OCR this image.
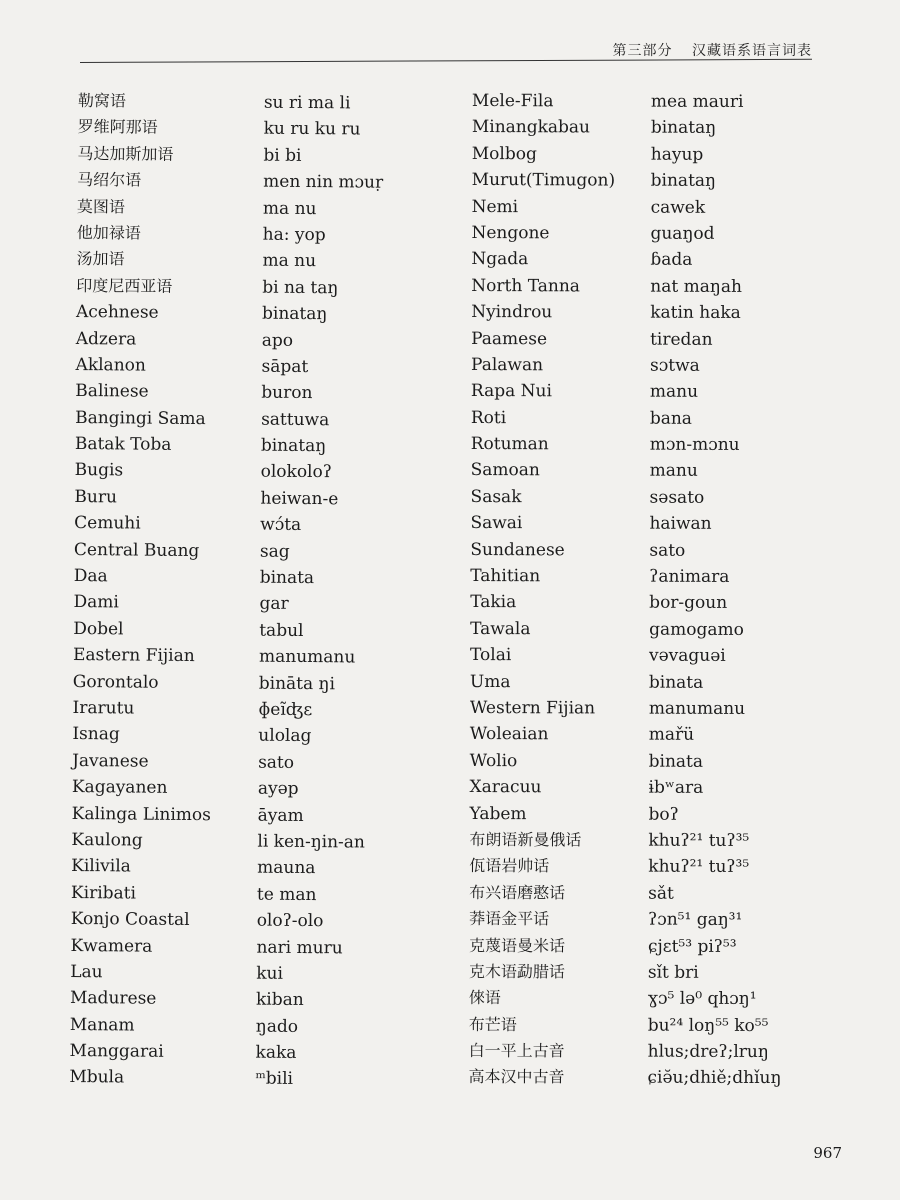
第三部分 汉藏语系语言词表
勒窝语	su ri ma li
罗维阿那语	ku ru ku ru
马达加斯加语	bi bi
马绍尔语	men nin mɔuṛ
莫图语	ma nu
他加禄语	ha: yop
汤加语	ma nu
印度尼西亚语	bi na taŋ
Acehnese	binataŋ
Adzera	apo
Aklanon	sāpat
Balinese	buron
Bangingi Sama	sattuwa
Batak Toba	binataŋ
Bugis	olokoloʔ
Buru	heiwan-e
Cemuhi	wɔ́ta
Central Buang	sag
Daa	binata
Dami	gar
Dobel	tabul
Eastern Fijian	manumanu
Gorontalo	bināta ŋi
Irarutu	ɸeĩʤɛ
Isnag	ulolag
Javanese	sato
Kagayanen	ayəp
Kalinga Linimos	āyam
Kaulong	li ken-ŋin-an
Kilivila	mauna
Kiribati	te man
Konjo Coastal	oloʔ-olo
Kwamera	nari muru
Lau	kui
Madurese	kiban
Manam	ŋado
Manggarai	kaka
Mbula	ᵐbili
Mele-Fila	mea mauri
Minangkabau	binataŋ
Molbog	hayup
Murut(Timugon) binataŋ
Nemi	cawek
Nengone	guaŋod
Ngada	ɓada
North Tanna	nat maŋah
Nyindrou	katin haka
Paamese	tiredan
Palawan	sɔtwa
Rapa Nui	manu
Roti	bana
Rotuman	mɔn-mɔnu
Samoan	manu
Sasak	səsato
Sawai	haiwan
Sundanese	sato
Tahitian	ʔanimara
Takia	bor-goun
Tawala	gamogamo
Tolai	vəvaguəi
Uma	binata
Western Fijian	manumanu
Woleaian	mařü
Wolio	binata
Xaracuu	ɨbʷara
Yabem	boʔ
布朗语新曼俄话	khuʔ²¹ tuʔ³⁵
佤语岩帅话	khuʔ²¹ tuʔ³⁵
布兴语磨憨话	sǎt
莽语金平话	ʔɔn⁵¹ gaŋ³¹
克蔑语曼米话	ɕjɛt⁵³ piʔ⁵³
克木语勐腊话	sǐt bri
倈语	ɣɔ⁵ lə⁰ qhɔŋ¹
布芒语	bu²⁴ loŋ⁵⁵ ko⁵⁵
白一平上古音	hlus;dreʔ;lruŋ
高本汉中古音	ɕiə̆u;dhiě;dhǐuŋ
967
